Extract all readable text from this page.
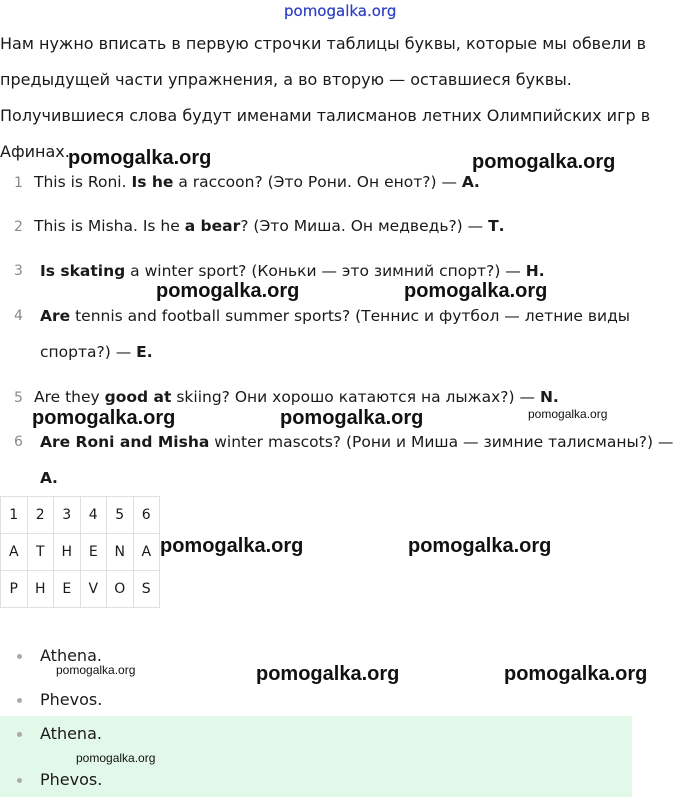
pomogalka.org

Нам нужно вписать в первую строчки таблицы буквы, которые мы обвели в предыдущей части упражнения, а во вторую — оставшиеся буквы. Получившиеся слова будут именами талисманов летних Олимпийских игр в Афинах.

1 This is Roni. Is he a raccoon? (Это Рони. Он енот?) — А.
2 This is Misha. Is he a bear? (Это Миша. Он медведь?) — Т.
3	Is skating a winter sport? (Коньки — это зимний спорт?) — Н.
4	Are tennis and football summer sports? (Теннис и футбол — летние виды спорта?) — Е.
5 Are they good at skiing? Они хорошо катаются на лыжах?) — N.
6	Are Roni and Misha winter mascots? (Рони и Миша — зимние талисманы?) — А.
1	2	3	4	5	6
A	T	H	E	N	A
P	H	E	V	O	S
Athena.
Phevos.
Athena.
Phevos.
pomogalka.org	pomogalka.org
pomogalka.org	pomogalka.org
pomogalka.org	pomogalka.org	pomogalka.org
pomogalka.org	pomogalka.org
pomogalka.org	pomogalka.org	pomogalka.org
pomogalka.org
